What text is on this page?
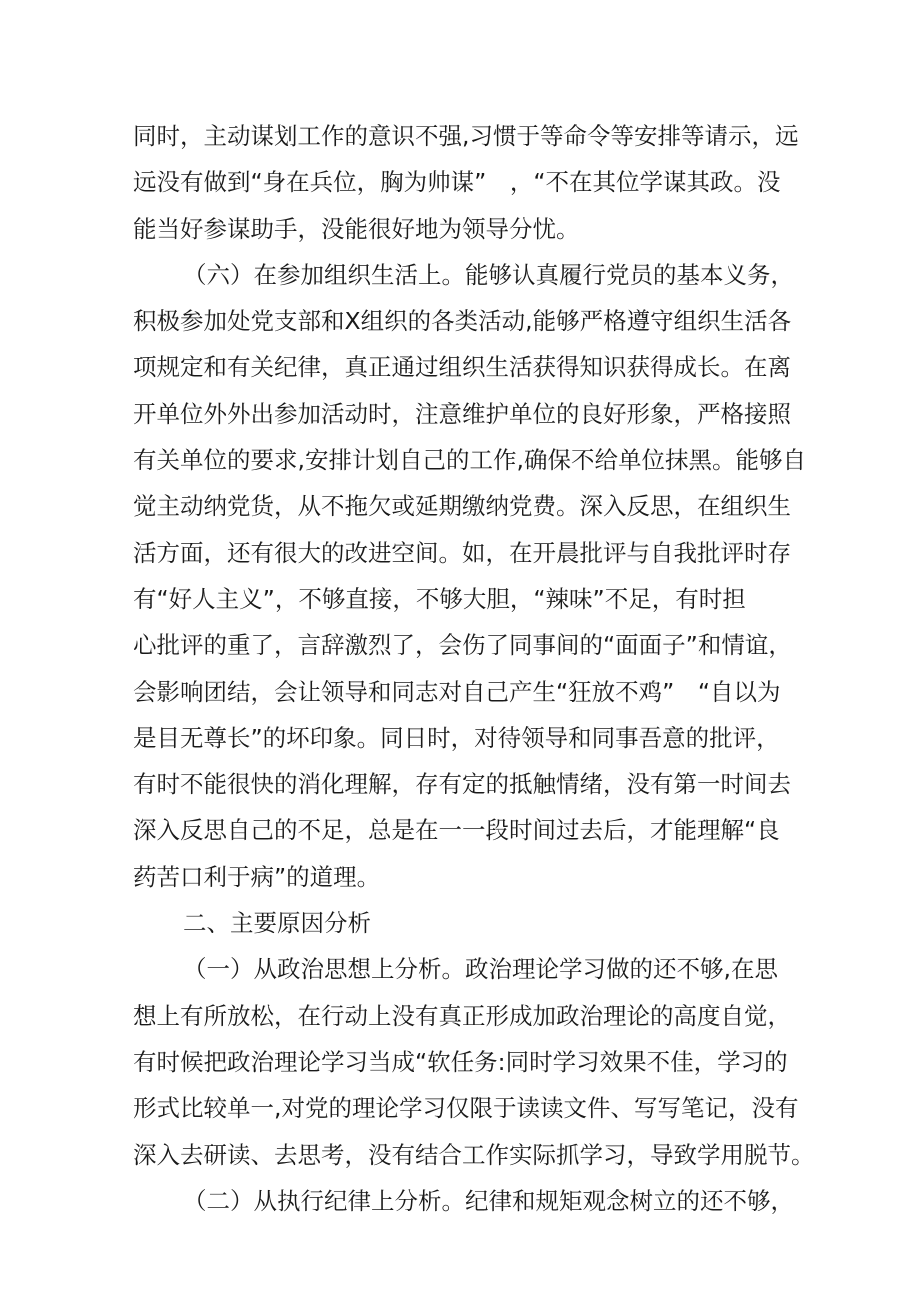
同时，主动谋划工作的意识不强,习惯于等命令等安排等请示，远
远没有做到“身在兵位，胸为帅谋”　，“不在其位学谋其政。没
能当好参谋助手，没能很好地为领导分忧。
（六）在参加组织生活上。能够认真履行党员的基本义务，
积极参加处党支部和X组织的各类活动,能够严格遵守组织生活各
项规定和有关纪律，真正通过组织生活获得知识获得成长。在离
开单位外外出参加活动时，注意维护单位的良好形象，严格接照
有关单位的要求,安排计划自己的工作,确保不给单位抹黑。能够自
觉主动纳党货，从不拖欠或延期缴纳党费。深入反思，在组织生
活方面，还有很大的改进空间。如，在开晨批评与自我批评时存
有“好人主义”，不够直接，不够大胆，“辣味”不足，有时担
心批评的重了，言辞激烈了，会伤了同事间的“面面子”和情谊，
会影响团结，会让领导和同志对自己产生“狂放不鸡”　“自以为
是目无尊长”的坏印象。同日时，对待领导和同事吾意的批评，
有时不能很快的消化理解，存有定的抵触情绪，没有第一时间去
深入反思自己的不足，总是在一一段时间过去后，才能理解“良
药苦口利于病”的道理。
二、主要原因分析
（一）从政治思想上分析。政治理论学习做的还不够,在思
想上有所放松，在行动上没有真正形成加政治理论的高度自觉，
有时候把政治理论学习当成“软任务:同时学习效果不佳，学习的
形式比较单一,对党的理论学习仅限于读读文件、写写笔记，没有
深入去研读、去思考，没有结合工作实际抓学习，导致学用脱节。
（二）从执行纪律上分析。纪律和规矩观念树立的还不够，
